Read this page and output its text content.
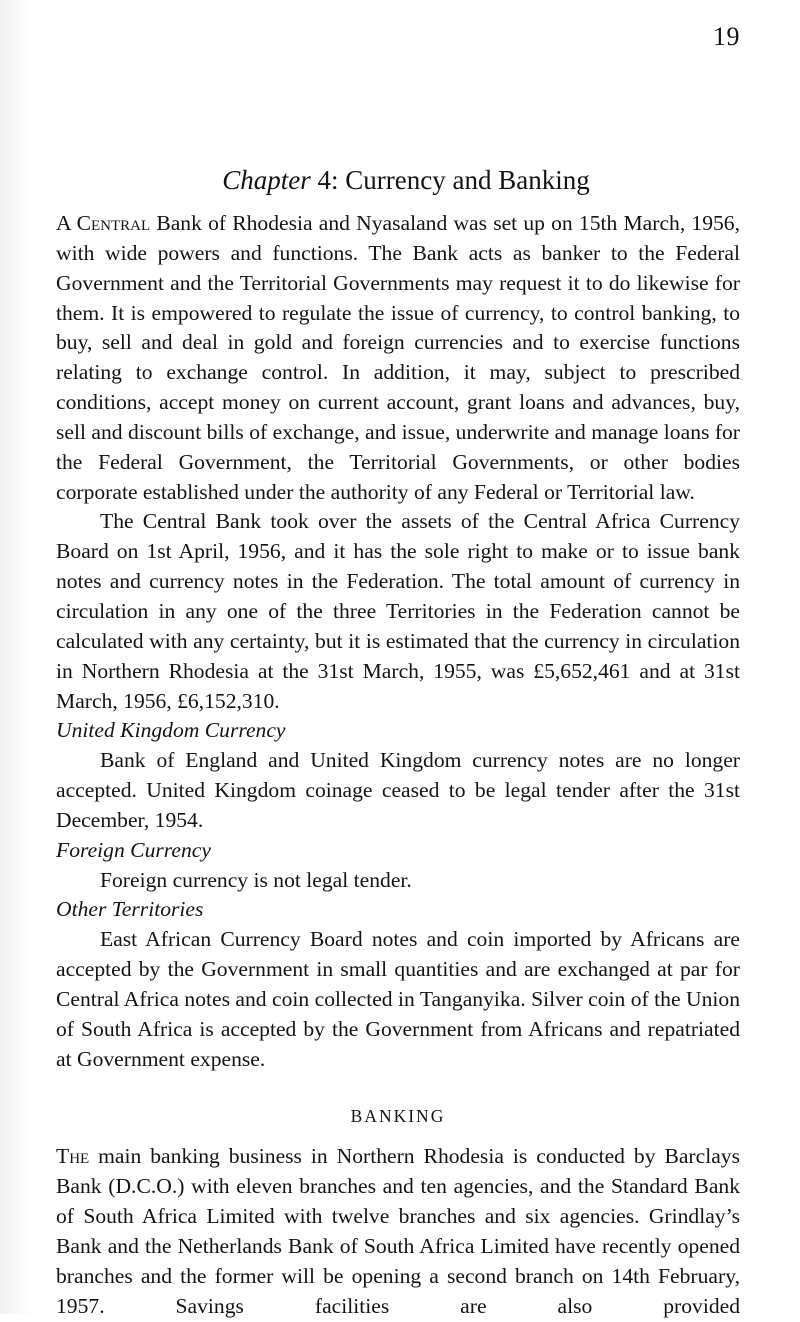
19
Chapter 4: Currency and Banking

A Central Bank of Rhodesia and Nyasaland was set up on 15th March, 1956, with wide powers and functions. The Bank acts as banker to the Federal Government and the Territorial Governments may request it to do likewise for them. It is empowered to regulate the issue of currency, to control banking, to buy, sell and deal in gold and foreign currencies and to exercise functions relating to exchange control. In addition, it may, subject to prescribed conditions, accept money on current account, grant loans and advances, buy, sell and discount bills of exchange, and issue, underwrite and manage loans for the Federal Government, the Territorial Governments, or other bodies corporate established under the authority of any Federal or Territorial law.

The Central Bank took over the assets of the Central Africa Currency Board on 1st April, 1956, and it has the sole right to make or to issue bank notes and currency notes in the Federation. The total amount of currency in circulation in any one of the three Territories in the Federation cannot be calculated with any certainty, but it is estimated that the currency in circulation in Northern Rhodesia at the 31st March, 1955, was £5,652,461 and at 31st March, 1956, £6,152,310.

United Kingdom Currency

Bank of England and United Kingdom currency notes are no longer accepted. United Kingdom coinage ceased to be legal tender after the 31st December, 1954.

Foreign Currency

Foreign currency is not legal tender.

Other Territories

East African Currency Board notes and coin imported by Africans are accepted by the Government in small quantities and are exchanged at par for Central Africa notes and coin collected in Tanganyika. Silver coin of the Union of South Africa is accepted by the Government from Africans and repatriated at Government expense.

BANKING

The main banking business in Northern Rhodesia is conducted by Barclays Bank (D.C.O.) with eleven branches and ten agencies, and the Standard Bank of South Africa Limited with twelve branches and six agencies. Grindlay’s Bank and the Netherlands Bank of South Africa Limited have recently opened branches and the former will be opening a second branch on 14th February, 1957. Savings facilities are also provided
